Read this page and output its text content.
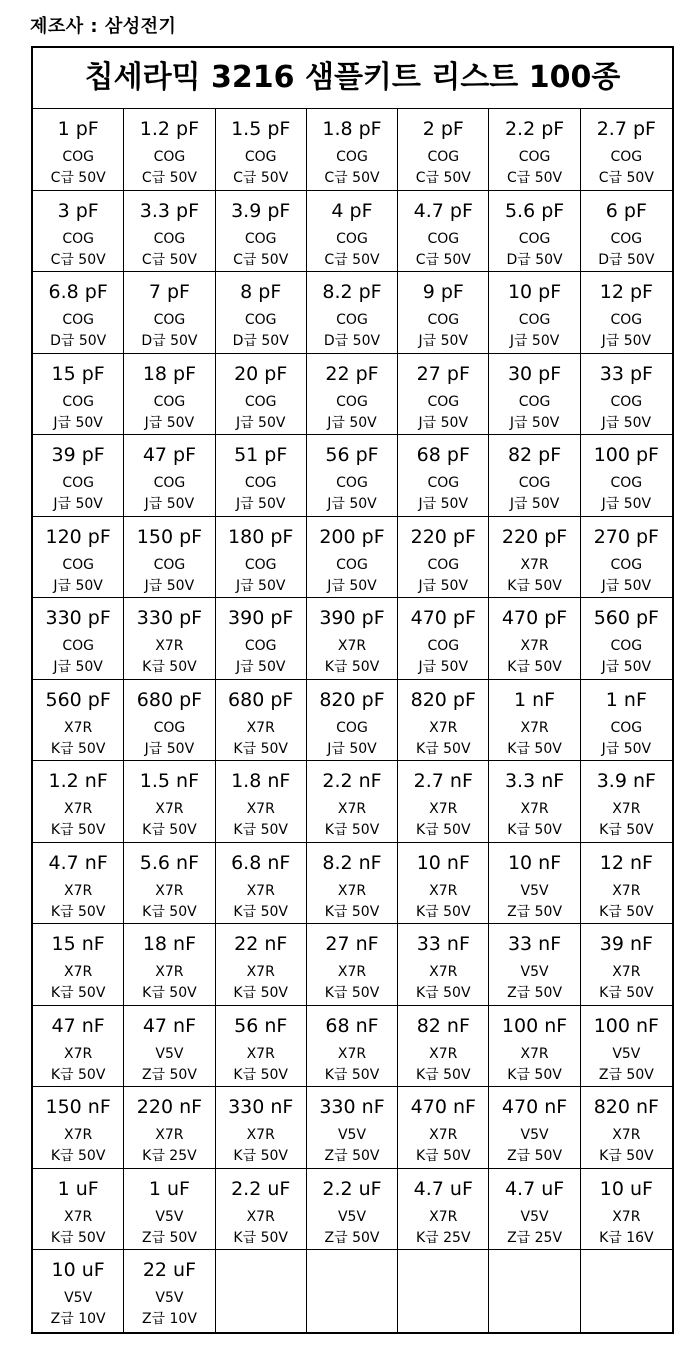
제조사 : 삼성전기
칩세라믹 3216 샘플키트 리스트 100종
1 pF
COG
C급 50V
1.2 pF
COG
C급 50V
1.5 pF
COG
C급 50V
1.8 pF
COG
C급 50V
2 pF
COG
C급 50V
2.2 pF
COG
C급 50V
2.7 pF
COG
C급 50V
3 pF
COG
C급 50V
3.3 pF
COG
C급 50V
3.9 pF
COG
C급 50V
4 pF
COG
C급 50V
4.7 pF
COG
C급 50V
5.6 pF
COG
D급 50V
6 pF
COG
D급 50V
6.8 pF
COG
D급 50V
7 pF
COG
D급 50V
8 pF
COG
D급 50V
8.2 pF
COG
D급 50V
9 pF
COG
J급 50V
10 pF
COG
J급 50V
12 pF
COG
J급 50V
15 pF
COG
J급 50V
18 pF
COG
J급 50V
20 pF
COG
J급 50V
22 pF
COG
J급 50V
27 pF
COG
J급 50V
30 pF
COG
J급 50V
33 pF
COG
J급 50V
39 pF
COG
J급 50V
47 pF
COG
J급 50V
51 pF
COG
J급 50V
56 pF
COG
J급 50V
68 pF
COG
J급 50V
82 pF
COG
J급 50V
100 pF
COG
J급 50V
120 pF
COG
J급 50V
150 pF
COG
J급 50V
180 pF
COG
J급 50V
200 pF
COG
J급 50V
220 pF
COG
J급 50V
220 pF
X7R
K급 50V
270 pF
COG
J급 50V
330 pF
COG
J급 50V
330 pF
X7R
K급 50V
390 pF
COG
J급 50V
390 pF
X7R
K급 50V
470 pF
COG
J급 50V
470 pF
X7R
K급 50V
560 pF
COG
J급 50V
560 pF
X7R
K급 50V
680 pF
COG
J급 50V
680 pF
X7R
K급 50V
820 pF
COG
J급 50V
820 pF
X7R
K급 50V
1 nF
X7R
K급 50V
1 nF
COG
J급 50V
1.2 nF
X7R
K급 50V
1.5 nF
X7R
K급 50V
1.8 nF
X7R
K급 50V
2.2 nF
X7R
K급 50V
2.7 nF
X7R
K급 50V
3.3 nF
X7R
K급 50V
3.9 nF
X7R
K급 50V
4.7 nF
X7R
K급 50V
5.6 nF
X7R
K급 50V
6.8 nF
X7R
K급 50V
8.2 nF
X7R
K급 50V
10 nF
X7R
K급 50V
10 nF
V5V
Z급 50V
12 nF
X7R
K급 50V
15 nF
X7R
K급 50V
18 nF
X7R
K급 50V
22 nF
X7R
K급 50V
27 nF
X7R
K급 50V
33 nF
X7R
K급 50V
33 nF
V5V
Z급 50V
39 nF
X7R
K급 50V
47 nF
X7R
K급 50V
47 nF
V5V
Z급 50V
56 nF
X7R
K급 50V
68 nF
X7R
K급 50V
82 nF
X7R
K급 50V
100 nF
X7R
K급 50V
100 nF
V5V
Z급 50V
150 nF
X7R
K급 50V
220 nF
X7R
K급 25V
330 nF
X7R
K급 50V
330 nF
V5V
Z급 50V
470 nF
X7R
K급 50V
470 nF
V5V
Z급 50V
820 nF
X7R
K급 50V
1 uF
X7R
K급 50V
1 uF
V5V
Z급 50V
2.2 uF
X7R
K급 50V
2.2 uF
V5V
Z급 50V
4.7 uF
X7R
K급 25V
4.7 uF
V5V
Z급 25V
10 uF
X7R
K급 16V
10 uF
V5V
Z급 10V
22 uF
V5V
Z급 10V
